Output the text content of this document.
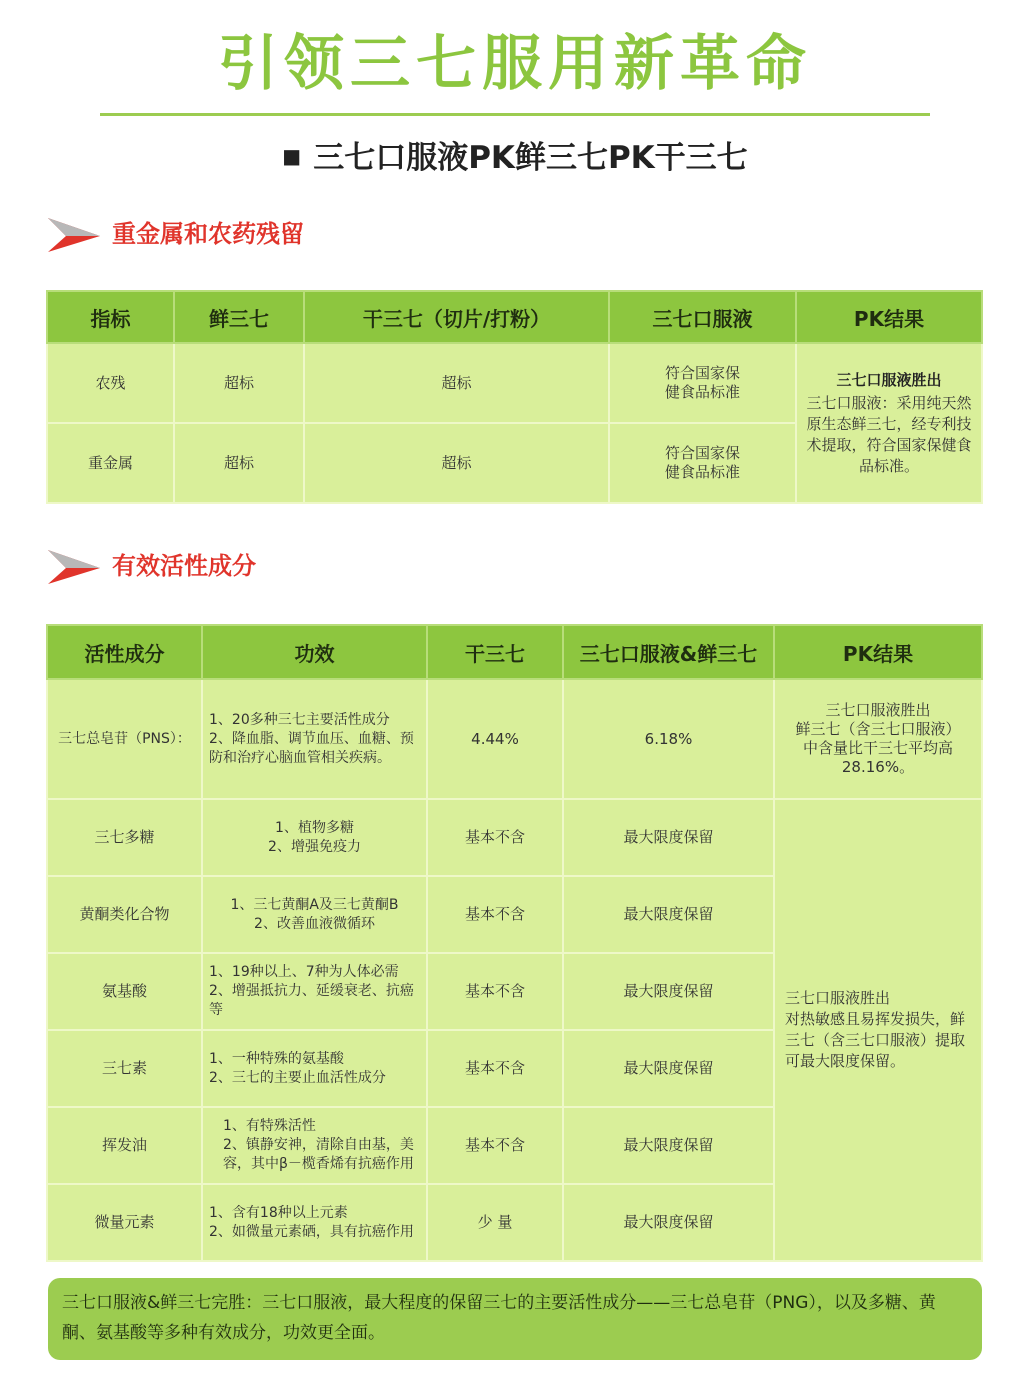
引领三七服用新革命
■ 三七口服液PK鲜三七PK干三七
重金属和农药残留
指标	鲜三七	干三七（切片/打粉）	三七口服液	PK结果
农残	超标	超标	符合国家保
健食品标准	三七口服液胜出
三七口服液：采用纯天然原生态鲜三七，经专利技术提取，符合国家保健食品标准。
重金属	超标	超标	符合国家保
健食品标准	
有效活性成分
活性成分	功效	干三七	三七口服液&鲜三七	PK结果
三七总皂苷（PNS）：	1、20多种三七主要活性成分
2、降血脂、调节血压、血糖、预防和治疗心脑血管相关疾病。	4.44%	6.18%	三七口服液胜出
鲜三七（含三七口服液）中含量比干三七平均高28.16%。
三七多糖	1、植物多糖
2、增强免疫力	基本不含	最大限度保留	三七口服液胜出
对热敏感且易挥发损失，鲜三七（含三七口服液）提取可最大限度保留。
黄酮类化合物	1、三七黄酮A及三七黄酮B
2、改善血液微循环	基本不含	最大限度保留	
氨基酸	1、19种以上、7种为人体必需
2、增强抵抗力、延缓衰老、抗癌等	基本不含	最大限度保留	
三七素	1、一种特殊的氨基酸
2、三七的主要止血活性成分	基本不含	最大限度保留	
挥发油	1、有特殊活性
2、镇静安神，清除自由基，美容，其中β－榄香烯有抗癌作用	基本不含	最大限度保留	
微量元素	1、含有18种以上元素
2、如微量元素硒，具有抗癌作用	少 量	最大限度保留	
三七口服液&鲜三七完胜：三七口服液，最大程度的保留三七的主要活性成分——三七总皂苷（PNG），以及多糖、黄酮、氨基酸等多种有效成分，功效更全面。
